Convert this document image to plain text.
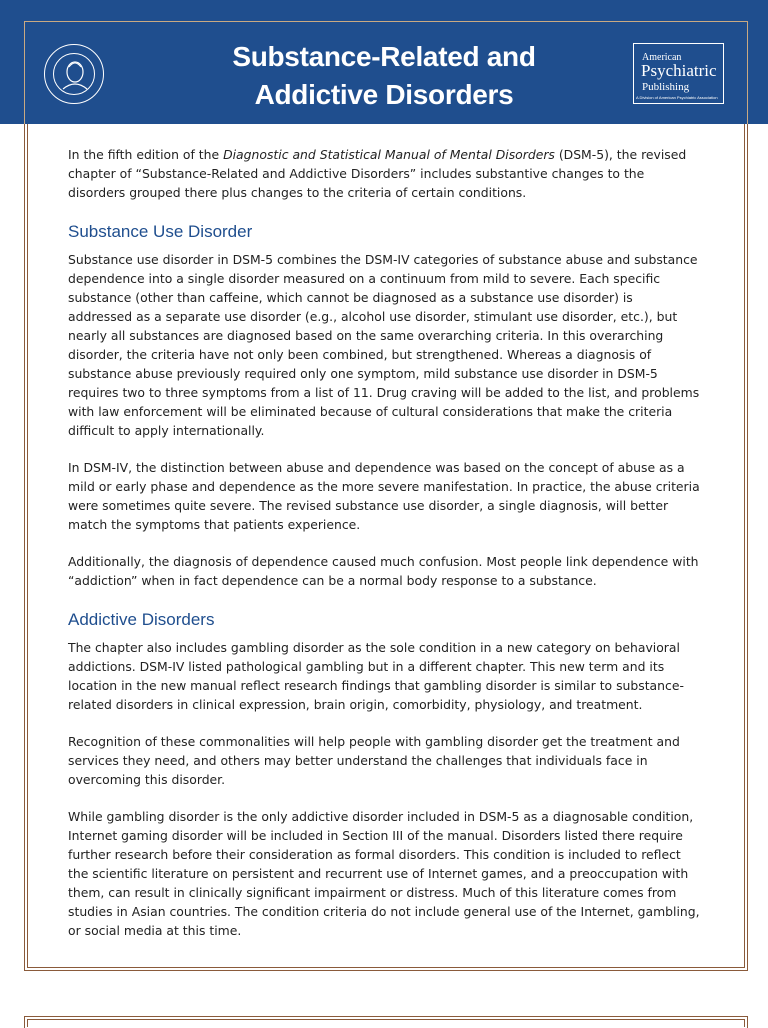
Substance-Related and
Addictive Disorders
American
Psychiatric
Publishing
A Division of American Psychiatric Association

In the fifth edition of the Diagnostic and Statistical Manual of Mental Disorders (DSM-5), the revised chapter of “Substance-Related and Addictive Disorders” includes substantive changes to the disorders grouped there plus changes to the criteria of certain conditions.

Substance Use Disorder

Substance use disorder in DSM-5 combines the DSM-IV categories of substance abuse and substance dependence into a single disorder measured on a continuum from mild to severe. Each specific substance (other than caffeine, which cannot be diagnosed as a substance use disorder) is addressed as a separate use disorder (e.g., alcohol use disorder, stimulant use disorder, etc.), but nearly all substances are diagnosed based on the same overarching criteria. In this overarching disorder, the criteria have not only been combined, but strengthened. Whereas a diagnosis of substance abuse previously required only one symptom, mild substance use disorder in DSM-5 requires two to three symptoms from a list of 11. Drug craving will be added to the list, and problems with law enforcement will be eliminated because of cultural considerations that make the criteria difficult to apply internationally.

In DSM-IV, the distinction between abuse and dependence was based on the concept of abuse as a mild or early phase and dependence as the more severe manifestation. In practice, the abuse criteria were sometimes quite severe. The revised substance use disorder, a single diagnosis, will better match the symptoms that patients experience.

Additionally, the diagnosis of dependence caused much confusion. Most people link dependence with “addiction” when in fact dependence can be a normal body response to a substance.

Addictive Disorders

The chapter also includes gambling disorder as the sole condition in a new category on behavioral addictions. DSM-IV listed pathological gambling but in a different chapter. This new term and its location in the new manual reflect research findings that gambling disorder is similar to substance-related disorders in clinical expression, brain origin, comorbidity, physiology, and treatment.

Recognition of these commonalities will help people with gambling disorder get the treatment and services they need, and others may better understand the challenges that individuals face in overcoming this disorder.

While gambling disorder is the only addictive disorder included in DSM-5 as a diagnosable condition, Internet gaming disorder will be included in Section III of the manual. Disorders listed there require further research before their consideration as formal disorders. This condition is included to reflect the scientific literature on persistent and recurrent use of Internet games, and a preoccupation with them, can result in clinically significant impairment or distress. Much of this literature comes from studies in Asian countries. The condition criteria do not include general use of the Internet, gambling, or social media at this time.
